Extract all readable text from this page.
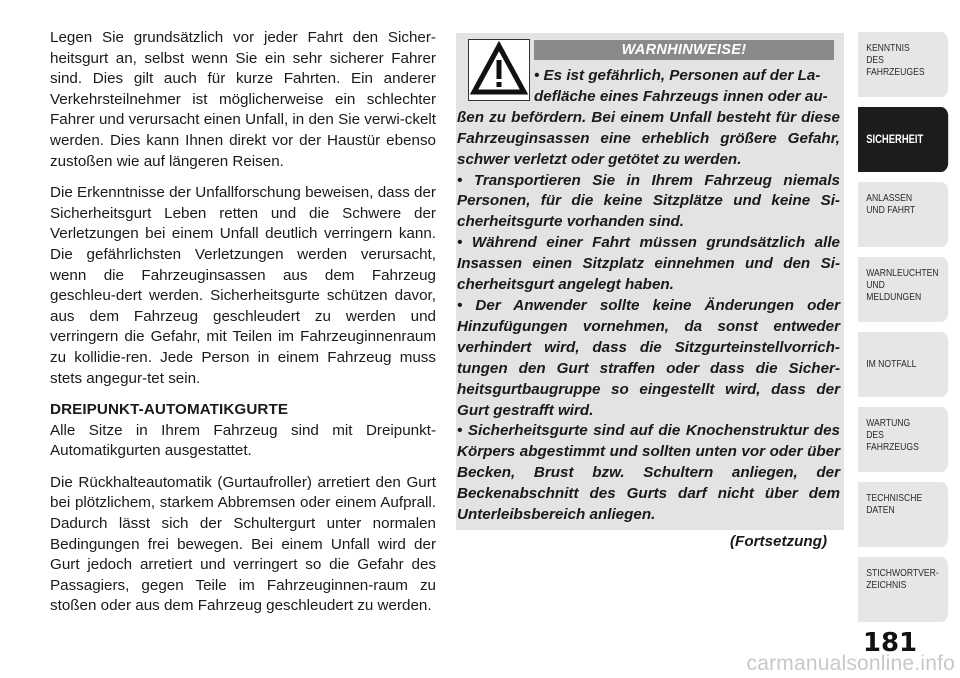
Legen Sie grundsätzlich vor jeder Fahrt den Sicher-heitsgurt an, selbst wenn Sie ein sehr sicherer Fahrer sind. Dies gilt auch für kurze Fahrten. Ein anderer Verkehrsteilnehmer ist möglicherweise ein schlechter Fahrer und verursacht einen Unfall, in den Sie verwi-ckelt werden. Dies kann Ihnen direkt vor der Haustür ebenso zustoßen wie auf längeren Reisen.

Die Erkenntnisse der Unfallforschung beweisen, dass der Sicherheitsgurt Leben retten und die Schwere der Verletzungen bei einem Unfall deutlich verringern kann. Die gefährlichsten Verletzungen werden verursacht, wenn die Fahrzeuginsassen aus dem Fahrzeug geschleu-dert werden. Sicherheitsgurte schützen davor, aus dem Fahrzeug geschleudert zu werden und verringern die Gefahr, mit Teilen im Fahrzeuginnenraum zu kollidie-ren. Jede Person in einem Fahrzeug muss stets angegur-tet sein.

DREIPUNKT-AUTOMATIKGURTE

Alle Sitze in Ihrem Fahrzeug sind mit Dreipunkt-Automatikgurten ausgestattet.

Die Rückhalteautomatik (Gurtaufroller) arretiert den Gurt bei plötzlichem, starkem Abbremsen oder einem Aufprall. Dadurch lässt sich der Schultergurt unter normalen Bedingungen frei bewegen. Bei einem Unfall wird der Gurt jedoch arretiert und verringert so die Gefahr des Passagiers, gegen Teile im Fahrzeuginnen-raum zu stoßen oder aus dem Fahrzeug geschleudert zu werden.

WARNHINWEISE!
• Es ist gefährlich, Personen auf der La-defläche eines Fahrzeugs innen oder au-
ßen zu befördern. Bei einem Unfall besteht für diese Fahrzeuginsassen eine erheblich größere Gefahr, schwer verletzt oder getötet zu werden.
• Transportieren Sie in Ihrem Fahrzeug niemals Personen, für die keine Sitzplätze und keine Si-cherheitsgurte vorhanden sind.
• Während einer Fahrt müssen grundsätzlich alle Insassen einen Sitzplatz einnehmen und den Si-cherheitsgurt angelegt haben.
• Der Anwender sollte keine Änderungen oder Hinzufügungen vornehmen, da sonst entweder verhindert wird, dass die Sitzgurteinstellvorrich-tungen den Gurt straffen oder dass die Sicher-heitsgurtbaugruppe so eingestellt wird, dass der Gurt gestrafft wird.
• Sicherheitsgurte sind auf die Knochenstruktur des Körpers abgestimmt und sollten unten vor oder über Becken, Brust bzw. Schultern anliegen, der Beckenabschnitt des Gurts darf nicht über dem Unterleibsbereich anliegen.
(Fortsetzung)
KENNTNIS
DES
FAHRZEUGES
SICHERHEIT
ANLASSEN
UND FAHRT
WARNLEUCHTEN
UND
MELDUNGEN
IM NOTFALL
WARTUNG
DES
FAHRZEUGS
TECHNISCHE
DATEN
STICHWORTVER-
ZEICHNIS
181
carmanualsonline.info
